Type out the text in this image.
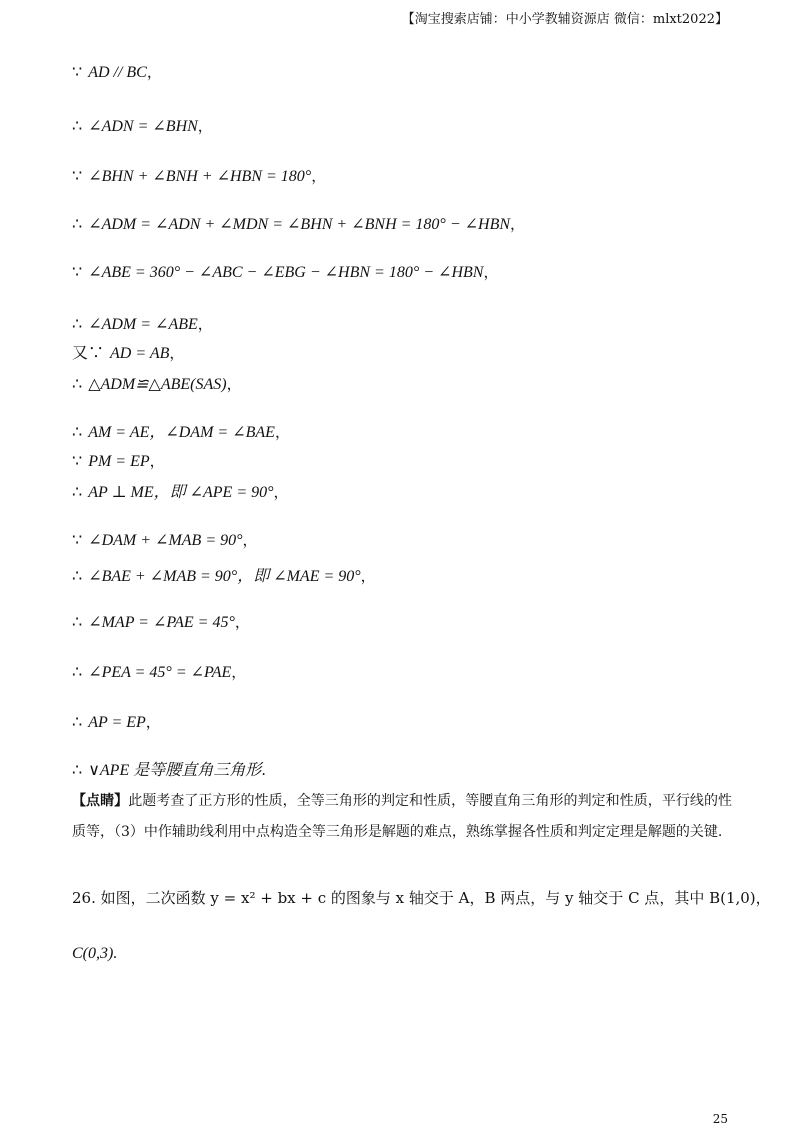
【淘宝搜索店铺：中小学教辅资源店 微信：mlxt2022】
∵ AD // BC，
∴ ∠ADN = ∠BHN，
∵ ∠BHN + ∠BNH + ∠HBN = 180°，
∴ ∠ADM = ∠ADN + ∠MDN = ∠BHN + ∠BNH = 180° − ∠HBN，
∵ ∠ABE = 360° − ∠ABC − ∠EBG − ∠HBN = 180° − ∠HBN，
∴ ∠ADM = ∠ABE，
又∵ AD = AB，
∴ △ADM≌△ABE(SAS)，
∴ AM = AE，∠DAM = ∠BAE，
∵ PM = EP，
∴ AP ⊥ ME，即 ∠APE = 90°，
∵ ∠DAM + ∠MAB = 90°，
∴ ∠BAE + ∠MAB = 90°，即 ∠MAE = 90°，
∴ ∠MAP = ∠PAE = 45°，
∴ ∠PEA = 45° = ∠PAE，
∴ AP = EP，
∴ ∨APE 是等腰直角三角形.
【点睛】此题考查了正方形的性质，全等三角形的判定和性质，等腰直角三角形的判定和性质，平行线的性质等，（3）中作辅助线利用中点构造全等三角形是解题的难点，熟练掌握各性质和判定定理是解题的关键.
26. 如图，二次函数 y = x² + bx + c 的图象与 x 轴交于 A，B 两点，与 y 轴交于 C 点，其中 B(1,0)，
C(0,3).
25
